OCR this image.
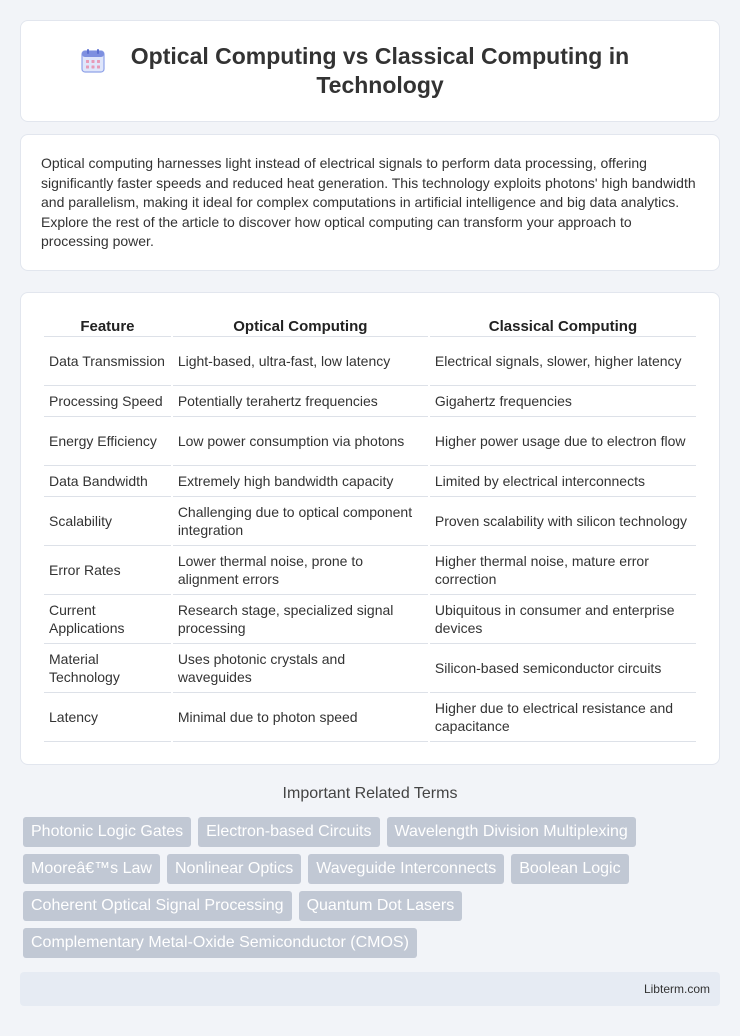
Optical Computing vs Classical Computing in Technology

Optical computing harnesses light instead of electrical signals to perform data processing, offering significantly faster speeds and reduced heat generation. This technology exploits photons' high bandwidth and parallelism, making it ideal for complex computations in artificial intelligence and big data analytics. Explore the rest of the article to discover how optical computing can transform your approach to processing power.

Feature	Optical Computing	Classical Computing
Data Transmission	Light-based, ultra-fast, low latency	Electrical signals, slower, higher latency
Processing Speed	Potentially terahertz frequencies	Gigahertz frequencies
Energy Efficiency	Low power consumption via photons	Higher power usage due to electron flow
Data Bandwidth	Extremely high bandwidth capacity	Limited by electrical interconnects
Scalability	Challenging due to optical component integration	Proven scalability with silicon technology
Error Rates	Lower thermal noise, prone to alignment errors	Higher thermal noise, mature error correction
Current Applications	Research stage, specialized signal processing	Ubiquitous in consumer and enterprise devices
Material Technology	Uses photonic crystals and waveguides	Silicon-based semiconductor circuits
Latency	Minimal due to photon speed	Higher due to electrical resistance and capacitance
Important Related Terms
Photonic Logic Gates	Electron-based Circuits	Wavelength Division Multiplexing
Mooreâ€™s Law	Nonlinear Optics	Waveguide Interconnects	Boolean Logic
Coherent Optical Signal Processing	Quantum Dot Lasers
Complementary Metal-Oxide Semiconductor (CMOS)
Libterm.com
